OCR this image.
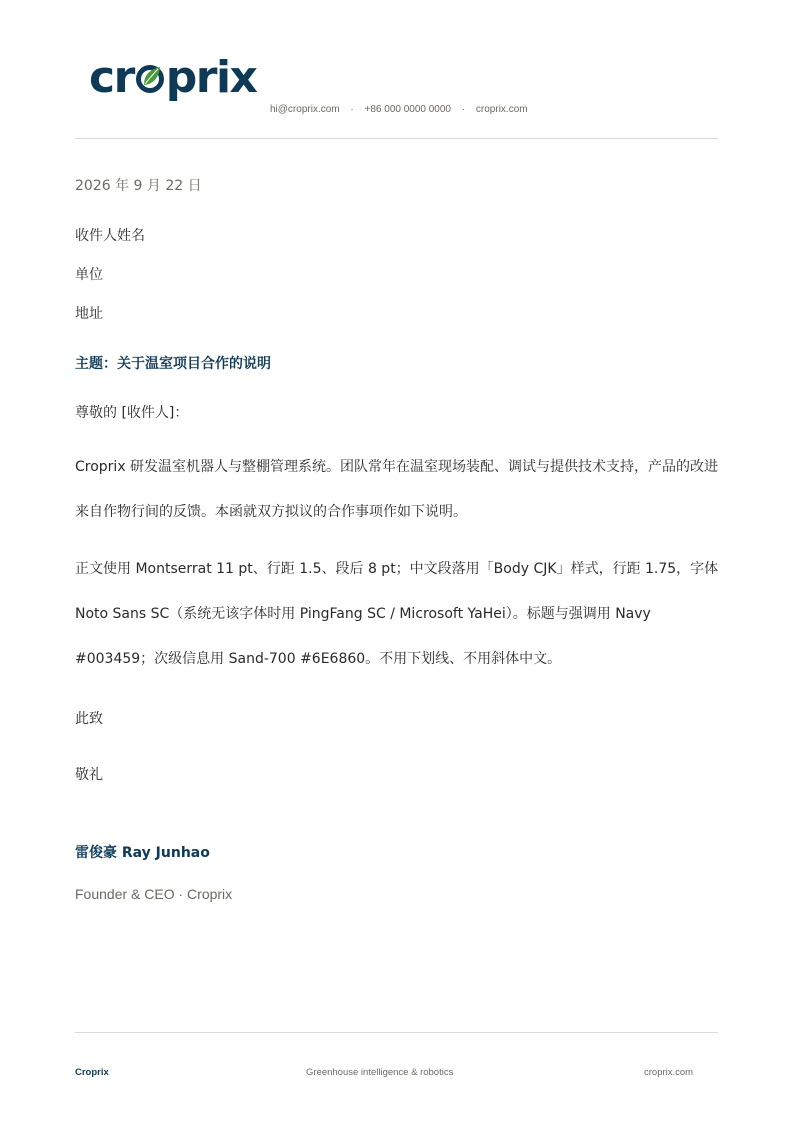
cr prix
hi@croprix.com · +86 000 0000 0000 · croprix.com
2026 年 9 月 22 日
收件人姓名
单位
地址
主题：关于温室项目合作的说明
尊敬的 [收件人]：
Croprix 研发温室机器人与整棚管理系统。团队常年在温室现场装配、调试与提供技术支持，产品的改进来自作物行间的反馈。本函就双方拟议的合作事项作如下说明。
正文使用 Montserrat 11 pt、行距 1.5、段后 8 pt；中文段落用「Body CJK」样式，行距 1.75，字体 Noto Sans SC（系统无该字体时用 PingFang SC / Microsoft YaHei）。标题与强调用 Navy #003459；次级信息用 Sand-700 #6E6860。不用下划线、不用斜体中文。
此致
敬礼
雷俊豪 Ray Junhao
Founder & CEO · Croprix
Croprix	Greenhouse intelligence & robotics	croprix.com
